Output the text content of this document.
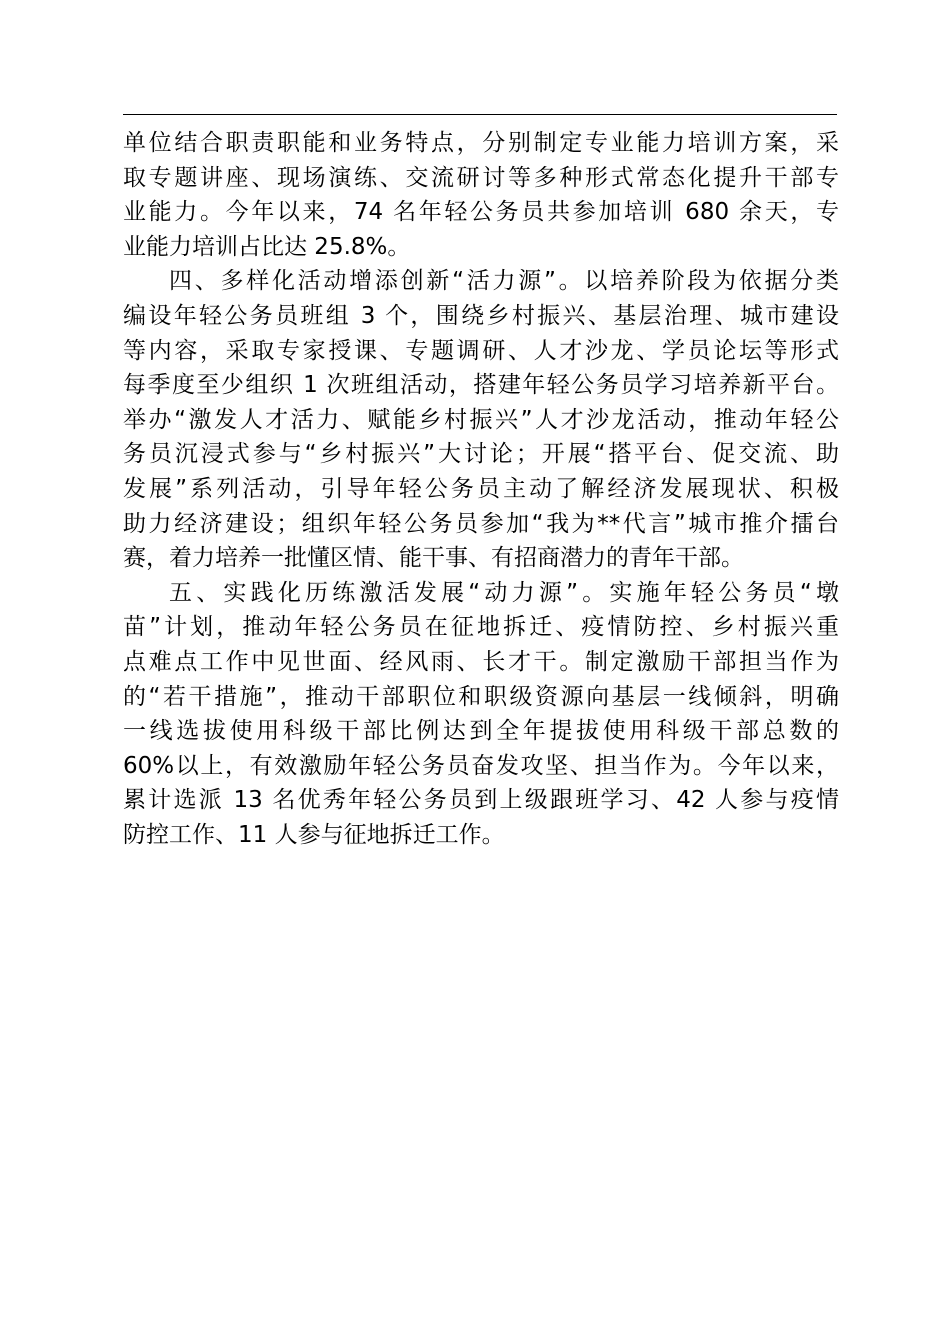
单位结合职责职能和业务特点，分别制定专业能力培训方案，采
取专题讲座、现场演练、交流研讨等多种形式常态化提升干部专
业能力。今年以来，74 名年轻公务员共参加培训 680 余天，专
业能力培训占比达 25.8%。
四、多样化活动增添创新“活力源”。以培养阶段为依据分类
编设年轻公务员班组 3 个，围绕乡村振兴、基层治理、城市建设
等内容，采取专家授课、专题调研、人才沙龙、学员论坛等形式
每季度至少组织 1 次班组活动，搭建年轻公务员学习培养新平台。
举办“激发人才活力、赋能乡村振兴”人才沙龙活动，推动年轻公
务员沉浸式参与“乡村振兴”大讨论；开展“搭平台、促交流、助
发展”系列活动，引导年轻公务员主动了解经济发展现状、积极
助力经济建设；组织年轻公务员参加“我为**代言”城市推介擂台
赛，着力培养一批懂区情、能干事、有招商潜力的青年干部。
五、实践化历练激活发展“动力源”。实施年轻公务员“墩
苗”计划，推动年轻公务员在征地拆迁、疫情防控、乡村振兴重
点难点工作中见世面、经风雨、长才干。制定激励干部担当作为
的“若干措施”，推动干部职位和职级资源向基层一线倾斜，明确
一线选拔使用科级干部比例达到全年提拔使用科级干部总数的
60%以上，有效激励年轻公务员奋发攻坚、担当作为。今年以来，
累计选派 13 名优秀年轻公务员到上级跟班学习、42 人参与疫情
防控工作、11 人参与征地拆迁工作。
